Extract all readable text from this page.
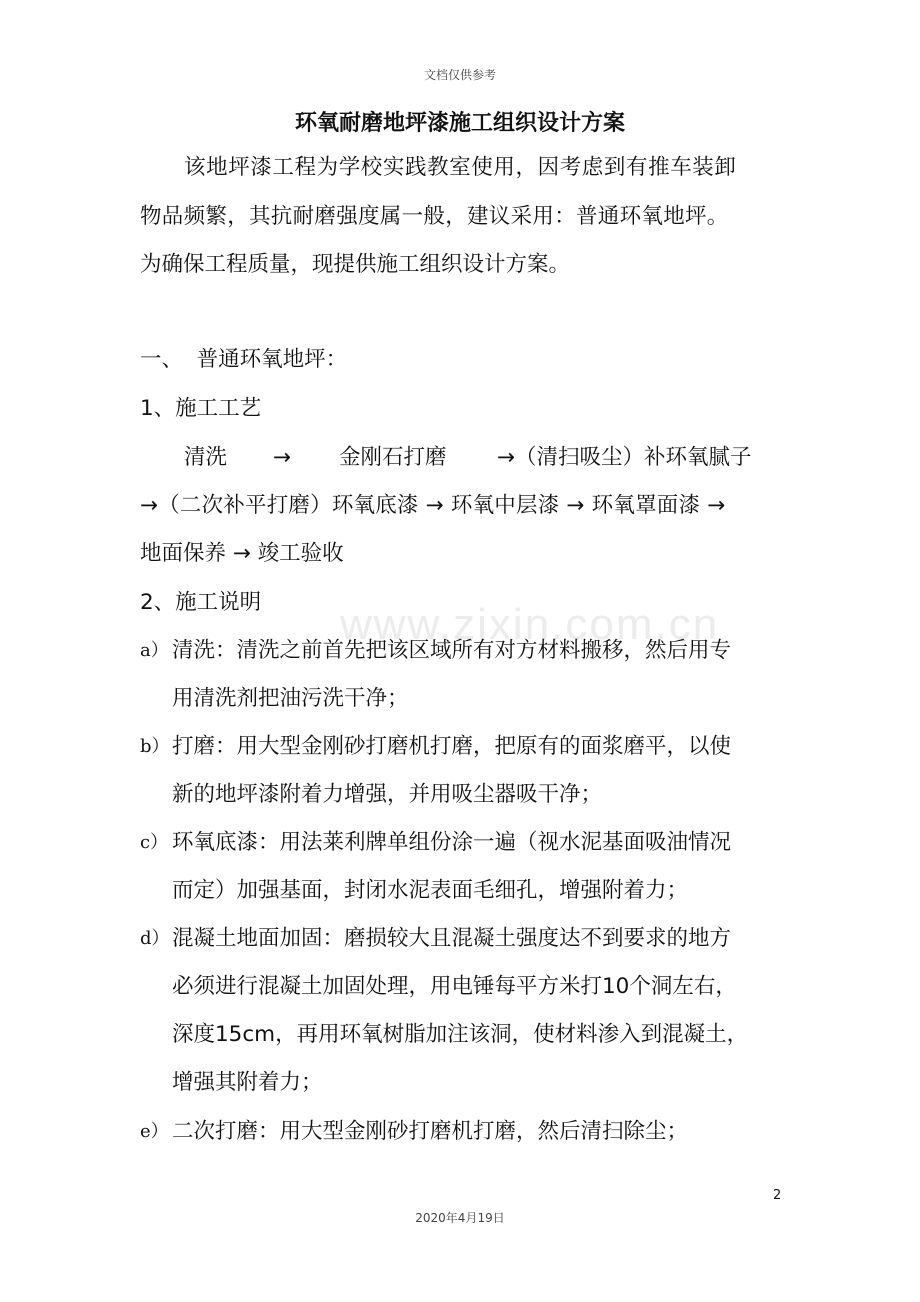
www.zixin.com.cn
文档仅供参考
环氧耐磨地坪漆施工组织设计方案
该地坪漆工程为学校实践教室使用，因考虑到有推车装卸
物品频繁，其抗耐磨强度属一般，建议采用：普通环氧地坪。
为确保工程质量，现提供施工组织设计方案。
一、  普通环氧地坪：
1、施工工艺
清洗 → 金刚石打磨 →（清扫吸尘）补环氧腻子
→（二次补平打磨）环氧底漆 → 环氧中层漆 → 环氧罩面漆 →
地面保养 → 竣工验收
2、施工说明
a） 清洗：清洗之前首先把该区域所有对方材料搬移，然后用专
用清洗剂把油污洗干净；
b） 打磨：用大型金刚砂打磨机打磨，把原有的面浆磨平，以使
新的地坪漆附着力增强，并用吸尘器吸干净；
c） 环氧底漆：用法莱利牌单组份涂一遍（视水泥基面吸油情况
而定）加强基面，封闭水泥表面毛细孔，增强附着力；
d） 混凝土地面加固：磨损较大且混凝土强度达不到要求的地方
必须进行混凝土加固处理，用电锤每平方米打10个洞左右，
深度15cm，再用环氧树脂加注该洞，使材料渗入到混凝土，
增强其附着力；
e） 二次打磨：用大型金刚砂打磨机打磨，然后清扫除尘；
2
2020年4月19日
